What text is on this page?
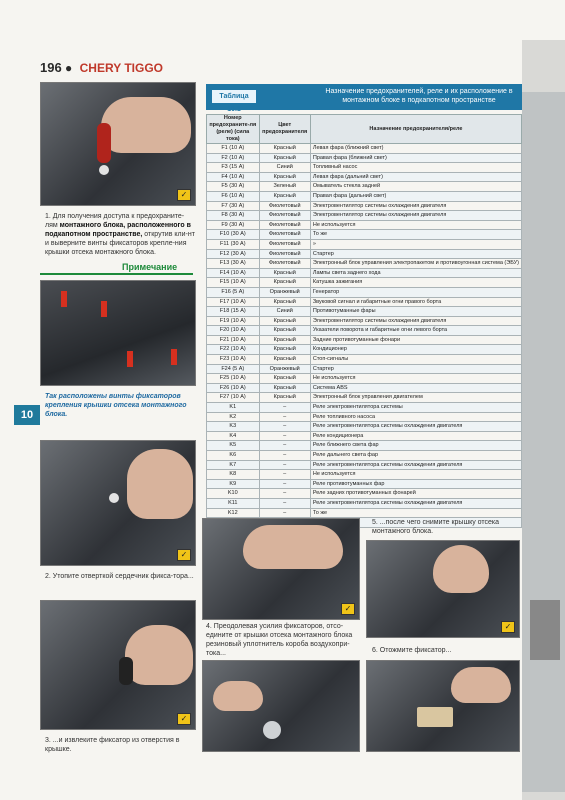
196 ● CHERY TIGGO
10
✓
1. Для получения доступа к предохраните-лям монтажного блока, расположенного в подкапотном пространстве, открутив кли-нт и выверните винты фиксаторов крепле-ния крышки отсека монтажного блока.
Примечание
Так расположены винты фиксаторов крепления крышки отсека монтажного блока.
✓
2. Утопите отверткой сердечник фикса-тора...
✓
3. ...и извлеките фиксатор из отверстия в крышке.
Таблица 10.1
Назначение предохранителей, реле и их расположение в монтажном блоке в подкапотном пространстве
Номер предохраните-ля (реле) (сила тока)	Цвет предохранителя	Назначение предохранителя/реле
F1 (10 А)	Красный	Левая фара (ближний свет)
F2 (10 А)	Красный	Правая фара (ближний свет)
F3 (15 А)	Синий	Топливный насос
F4 (10 А)	Красный	Левая фара (дальний свет)
F5 (30 А)	Зеленый	Омыватель стекла задней
F6 (10 А)	Красный	Правая фара (дальний свет)
F7 (30 А)	Фиолетовый	Электровентилятор системы охлаждения двигателя
F8 (30 А)	Фиолетовый	Электровентилятор системы охлаждения двигателя
F9 (30 А)	Фиолетовый	Не используется
F10 (30 А)	Фиолетовый	То же
F11 (30 А)	Фиолетовый	»
F12 (30 А)	Фиолетовый	Стартер
F13 (30 А)	Фиолетовый	Электронный блок управления электропакетом и противоугонная система (ЭБУ)
F14 (10 А)	Красный	Лампы света заднего хода
F15 (10 А)	Красный	Катушка зажигания
F16 (5 А)	Оранжевый	Генератор
F17 (10 А)	Красный	Звуковой сигнал и габаритные огни правого борта
F18 (15 А)	Синий	Противотуманные фары
F19 (10 А)	Красный	Электровентилятор системы охлаждения двигателя
F20 (10 А)	Красный	Указатели поворота и габаритные огни левого борта
F21 (10 А)	Красный	Задние противотуманные фонари
F22 (10 А)	Красный	Кондиционер
F23 (10 А)	Красный	Стоп-сигналы
F24 (5 А)	Оранжевый	Стартер
F25 (10 А)	Красный	Не используется
F26 (10 А)	Красный	Система ABS
F27 (10 А)	Красный	Электронный блок управления двигателем
K1	–	Реле электровентилятора системы
K2	–	Реле топливного насоса
K3	–	Реле электровентилятора системы охлаждения двигателя
K4	–	Реле кондиционера
K5	–	Реле ближнего света фар
K6	–	Реле дальнего света фар
K7	–	Реле электровентилятора системы охлаждения двигателя
K8	–	Не используется
K9	–	Реле противотуманных фар
K10	–	Реле задних противотуманных фонарей
K11	–	Реле электровентилятора системы охлаждения двигателя
K12	–	То же

✓
4. Преодолевая усилия фиксаторов, отсо-едините от крышки отсека монтажного блока резиновый уплотнитель короба воздухопри-тока...
5. ...после чего снимите крышку отсека монтажного блока.
✓
6. Отожмите фиксатор...
